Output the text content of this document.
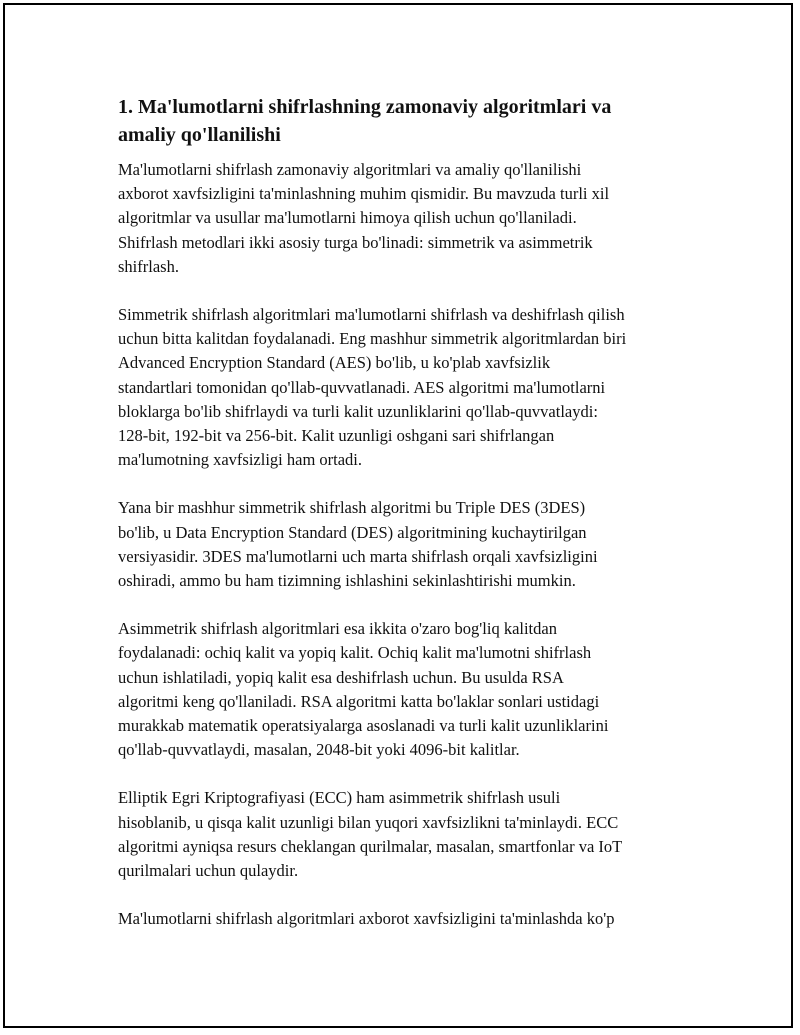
1. Ma'lumotlarni shifrlashning zamonaviy algoritmlari va
amaliy qo'llanilishi

Ma'lumotlarni shifrlash zamonaviy algoritmlari va amaliy qo'llanilishi
axborot xavfsizligini ta'minlashning muhim qismidir. Bu mavzuda turli xil
algoritmlar va usullar ma'lumotlarni himoya qilish uchun qo'llaniladi.
Shifrlash metodlari ikki asosiy turga bo'linadi: simmetrik va asimmetrik
shifrlash.

Simmetrik shifrlash algoritmlari ma'lumotlarni shifrlash va deshifrlash qilish
uchun bitta kalitdan foydalanadi. Eng mashhur simmetrik algoritmlardan biri
Advanced Encryption Standard (AES) bo'lib, u ko'plab xavfsizlik
standartlari tomonidan qo'llab-quvvatlanadi. AES algoritmi ma'lumotlarni
bloklarga bo'lib shifrlaydi va turli kalit uzunliklarini qo'llab-quvvatlaydi:
128-bit, 192-bit va 256-bit. Kalit uzunligi oshgani sari shifrlangan
ma'lumotning xavfsizligi ham ortadi.

Yana bir mashhur simmetrik shifrlash algoritmi bu Triple DES (3DES)
bo'lib, u Data Encryption Standard (DES) algoritmining kuchaytirilgan
versiyasidir. 3DES ma'lumotlarni uch marta shifrlash orqali xavfsizligini
oshiradi, ammo bu ham tizimning ishlashini sekinlashtirishi mumkin.

Asimmetrik shifrlash algoritmlari esa ikkita o'zaro bog'liq kalitdan
foydalanadi: ochiq kalit va yopiq kalit. Ochiq kalit ma'lumotni shifrlash
uchun ishlatiladi, yopiq kalit esa deshifrlash uchun. Bu usulda RSA
algoritmi keng qo'llaniladi. RSA algoritmi katta bo'laklar sonlari ustidagi
murakkab matematik operatsiyalarga asoslanadi va turli kalit uzunliklarini
qo'llab-quvvatlaydi, masalan, 2048-bit yoki 4096-bit kalitlar.

Elliptik Egri Kriptografiyasi (ECC) ham asimmetrik shifrlash usuli
hisoblanib, u qisqa kalit uzunligi bilan yuqori xavfsizlikni ta'minlaydi. ECC
algoritmi ayniqsa resurs cheklangan qurilmalar, masalan, smartfonlar va IoT
qurilmalari uchun qulaydir.

Ma'lumotlarni shifrlash algoritmlari axborot xavfsizligini ta'minlashda ko'p
